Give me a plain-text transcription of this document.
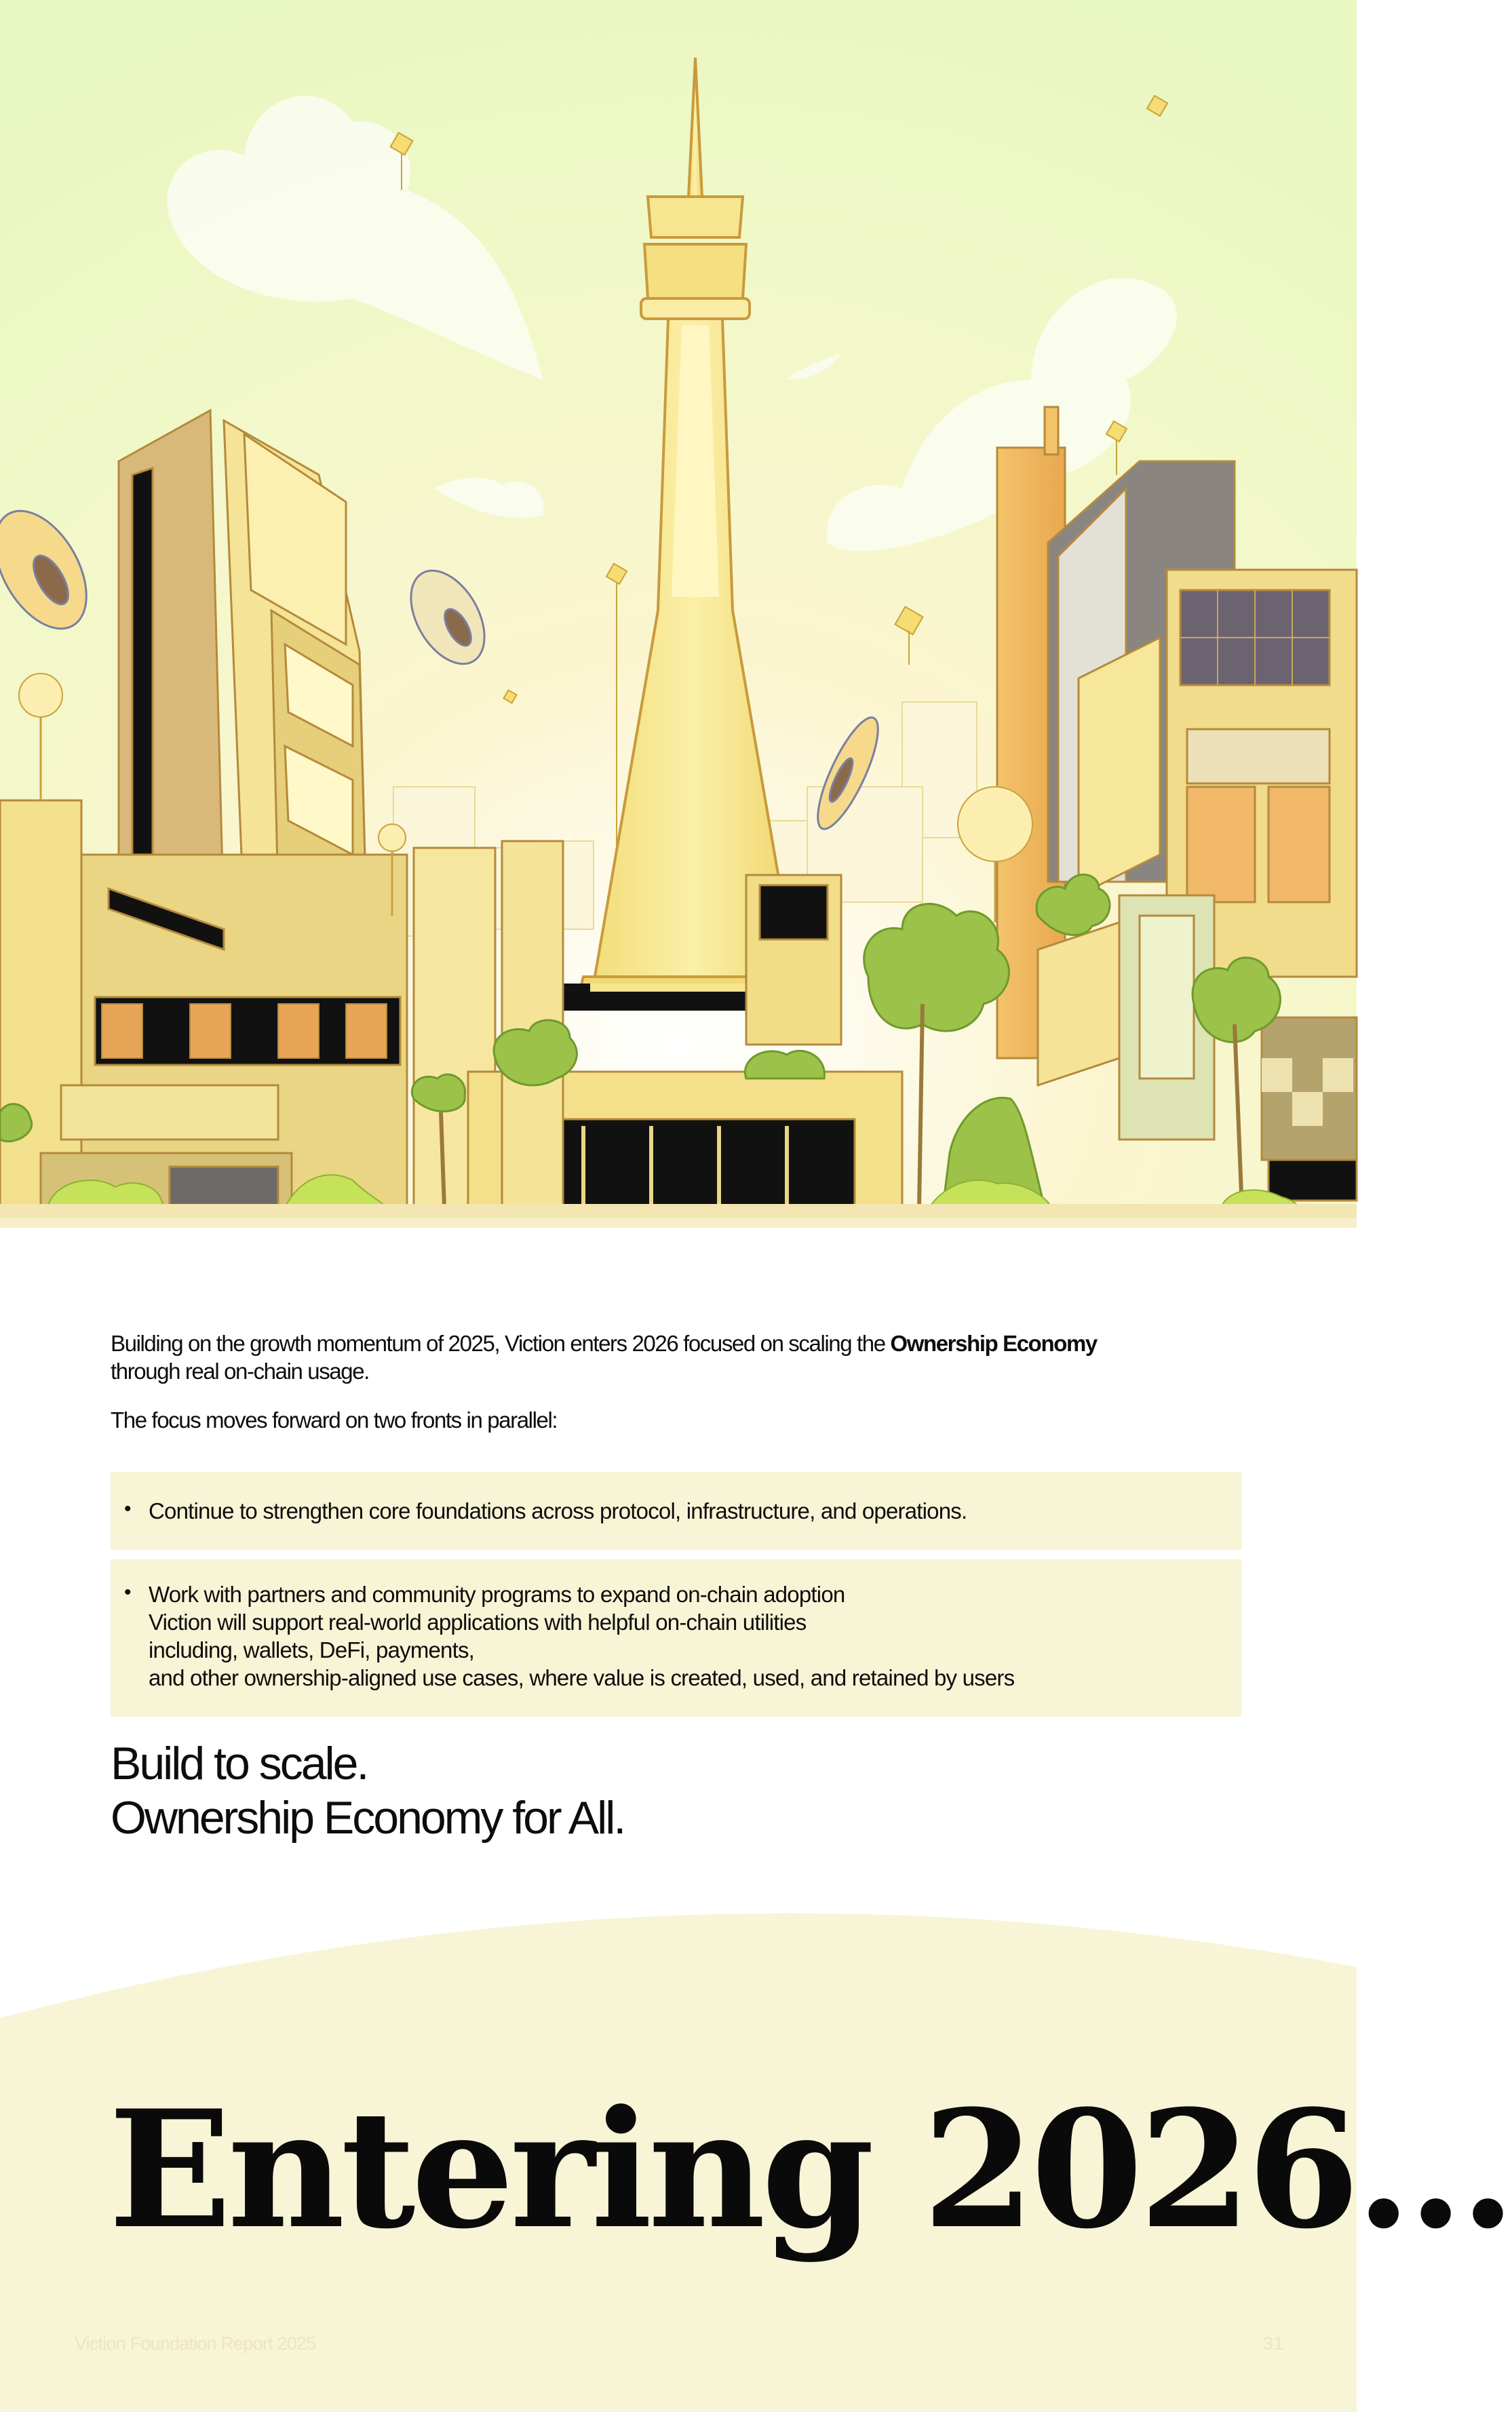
Building on the growth momentum of 2025, Viction enters 2026 focused on scaling the Ownership Economy
through real on-chain usage.

The focus moves forward on two fronts in parallel:

• Continue to strengthen core foundations across protocol, infrastructure, and operations.
• Work with partners and community programs to expand on-chain adoption
Viction will support real-world applications with helpful on-chain utilities
including, wallets, DeFi, payments,
and other ownership-aligned use cases, where value is created, used, and retained by users
Build to scale.
Ownership Economy for All.
Entering 2026...
Viction Foundation Report 2025	31
